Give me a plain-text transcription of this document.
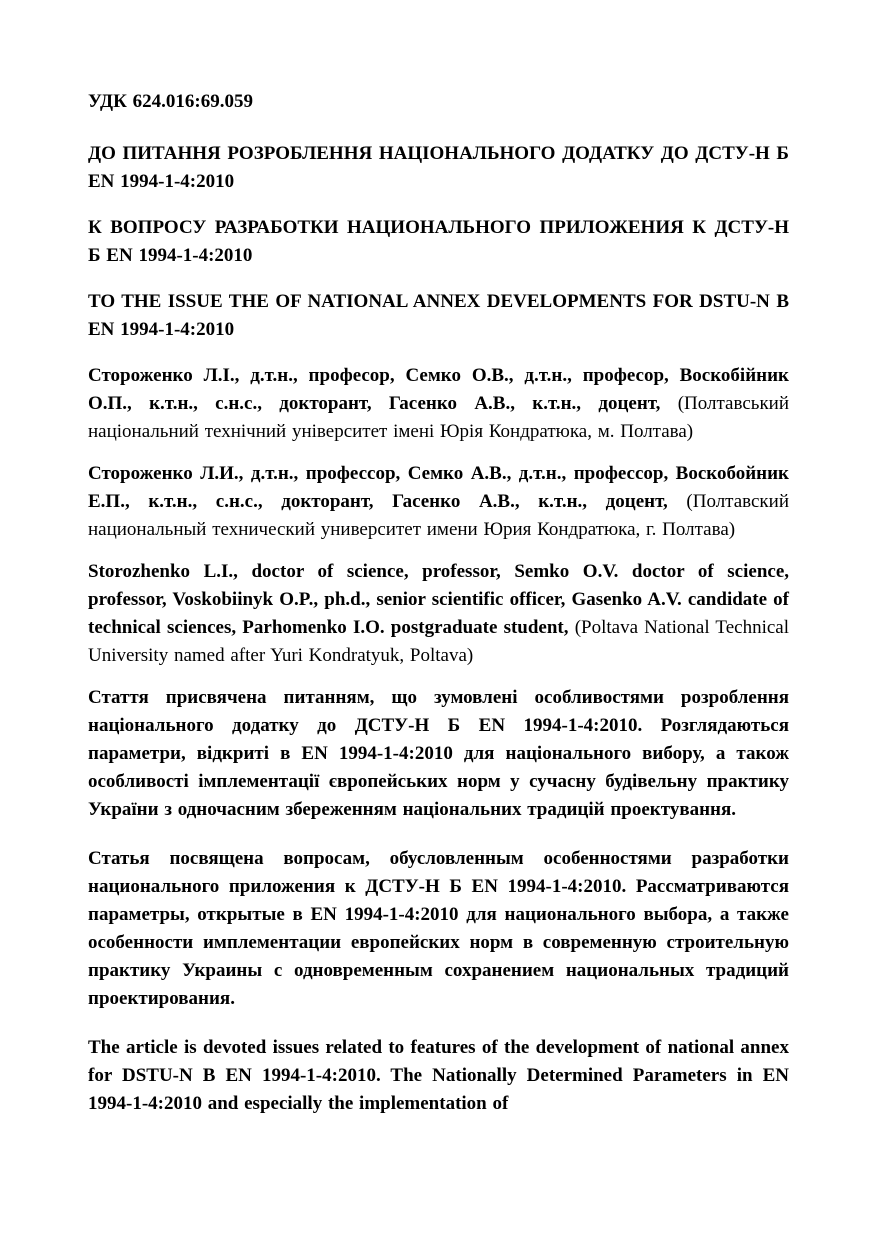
УДК 624.016:69.059

ДО ПИТАННЯ РОЗРОБЛЕННЯ НАЦІОНАЛЬНОГО ДОДАТКУ ДО ДСТУ-Н Б EN 1994-1-4:2010

К ВОПРОСУ РАЗРАБОТКИ НАЦИОНАЛЬНОГО ПРИЛОЖЕНИЯ К ДСТУ-Н Б EN 1994-1-4:2010

TO THE ISSUE THE OF NATIONAL ANNEX DEVELOPMENTS FOR DSTU-N B EN 1994-1-4:2010

Стороженко Л.І., д.т.н., професор, Семко О.В., д.т.н., професор, Воскобійник О.П., к.т.н., с.н.с., докторант, Гасенко А.В., к.т.н., доцент, (Полтавський національний технічний університет імені Юрія Кондратюка, м. Полтава)

Стороженко Л.И., д.т.н., профессор, Семко А.В., д.т.н., профессор, Воскобойник Е.П., к.т.н., с.н.с., докторант, Гасенко А.В., к.т.н., доцент, (Полтавский национальный технический университет имени Юрия Кондратюка, г. Полтава)

Storozhenko L.I., doctor of science, professor, Semko O.V. doctor of science, professor, Voskobiinyk O.P., ph.d., senior scientific officer, Gasenko A.V. candidate of technical sciences, Parhomenko I.O. postgraduate student, (Poltava National Technical University named after Yuri Kondratyuk, Poltava)

Стаття присвячена питанням, що зумовлені особливостями розроблення національного додатку до ДСТУ-Н Б EN 1994-1-4:2010. Розглядаються параметри, відкриті в EN 1994-1-4:2010 для національного вибору, а також особливості імплементації європейських норм у сучасну будівельну практику України з одночасним збереженням національних традицій проектування.

Статья посвящена вопросам, обусловленным особенностями разработки национального приложения к ДСТУ-Н Б EN 1994-1-4:2010. Рассматриваются параметры, открытые в EN 1994-1-4:2010 для национального выбора, а также особенности имплементации европейских норм в современную строительную практику Украины с одновременным сохранением национальных традиций проектирования.

The article is devoted issues related to features of the development of national annex for DSTU-N B EN 1994-1-4:2010. The Nationally Determined Parameters in EN 1994-1-4:2010 and especially the implementation of
